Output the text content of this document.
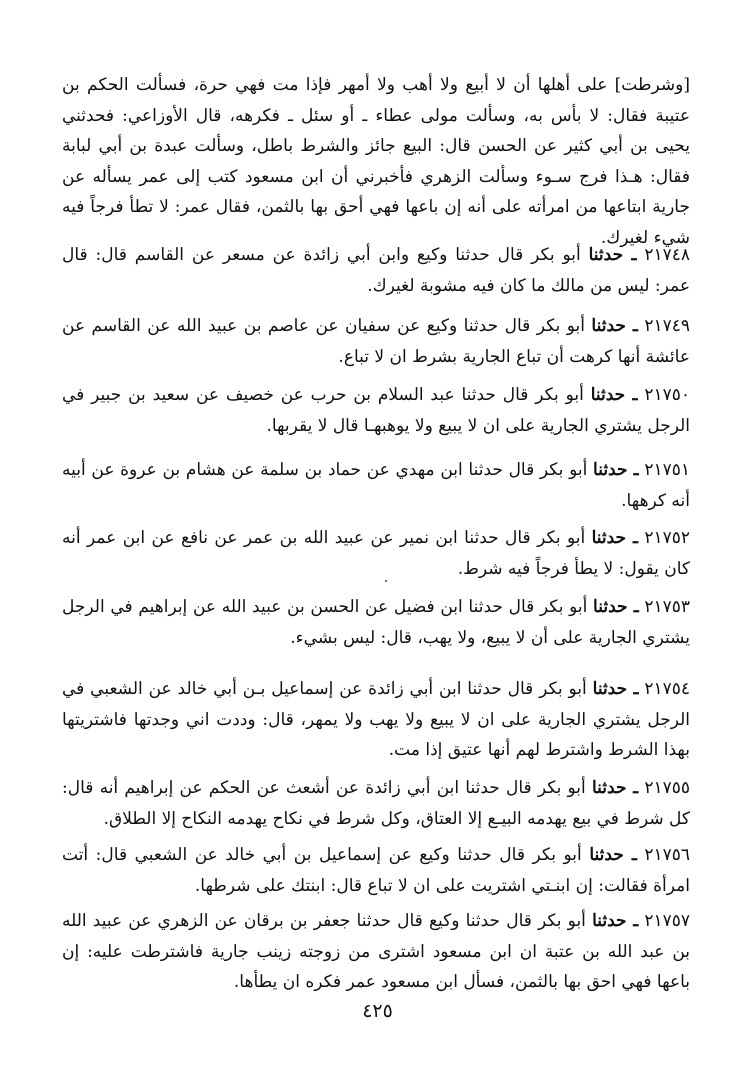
[وشرطت] على أهلها أن لا أبيع ولا أهب ولا أمهر فإذا مت فهي حرة، فسألت الحكم بن عتيبة فقال: لا بأس به، وسألت مولى عطاء ـ أو سئل ـ فكرهه، قال الأوزاعي: فحدثني يحيى بن أبي كثير عن الحسن قال: البيع جائز والشرط باطل، وسألت عبدة بن أبي لبابة فقال: هـذا فرج سـوء وسألت الزهري فأخبرني أن ابن مسعود كتب إلى عمر يسأله عن جارية ابتاعها من امرأته على أنه إن باعها فهي أحق بها بالثمن، فقال عمر: لا تطأ فرجاً فيه شيء لغيرك.

٢١٧٤٨ ـ حدثنا أبو بكر قال حدثنا وكيع وابن أبي زائدة عن مسعر عن القاسم قال: قال عمر: ليس من مالك ما كان فيه مشوبة لغيرك.

٢١٧٤٩ ـ حدثنا أبو بكر قال حدثنا وكيع عن سفيان عن عاصم بن عبيد الله عن القاسم عن عائشة أنها كرهت أن تباع الجارية بشرط ان لا تباع.

٢١٧٥٠ ـ حدثنا أبو بكر قال حدثنا عبد السلام بن حرب عن خصيف عن سعيد بن جبير في الرجل يشتري الجارية على ان لا يبيع ولا يوهبهـا قال لا يقربها.

٢١٧٥١ ـ حدثنا أبو بكر قال حدثنا ابن مهدي عن حماد بن سلمة عن هشام بن عروة عن أبيه أنه كرهها.

٢١٧٥٢ ـ حدثنا أبو بكر قال حدثنا ابن نمير عن عبيد الله بن عمر عن نافع عن ابن عمر أنه كان يقول: لا يطأ فرجاً فيه شرط.

٢١٧٥٣ ـ حدثنا أبو بكر قال حدثنا ابن فضيل عن الحسن بن عبيد الله عن إبراهيم في الرجل يشتري الجارية على أن لا يبيع، ولا يهب، قال: ليس بشيء.

٢١٧٥٤ ـ حدثنا أبو بكر قال حدثنا ابن أبي زائدة عن إسماعيل بـن أبي خالد عن الشعبي في الرجل يشتري الجارية على ان لا يبيع ولا يهب ولا يمهر، قال: وددت اني وجدتها فاشتريتها بهذا الشرط واشترط لهم أنها عتيق إذا مت.

٢١٧٥٥ ـ حدثنا أبو بكر قال حدثنا ابن أبي زائدة عن أشعث عن الحكم عن إبراهيم أنه قال: كل شرط في بيع يهدمه البيـع إلا العتاق، وكل شرط في نكاح يهدمه النكاح إلا الطلاق.

٢١٧٥٦ ـ حدثنا أبو بكر قال حدثنا وكيع عن إسماعيل بن أبي خالد عن الشعبي قال: أتت امرأة فقالت: إن ابنـتي اشتريت على ان لا تباع قال: ابنتك على شرطها.

٢١٧٥٧ ـ حدثنا أبو بكر قال حدثنا وكيع قال حدثنا جعفر بن برقان عن الزهري عن عبيد الله بن عبد الله بن عتبة ان ابن مسعود اشترى من زوجته زينب جارية فاشترطت عليه: إن باعها فهي احق بها بالثمن، فسأل ابن مسعود عمر فكره ان يطأها.

٤٢٥
